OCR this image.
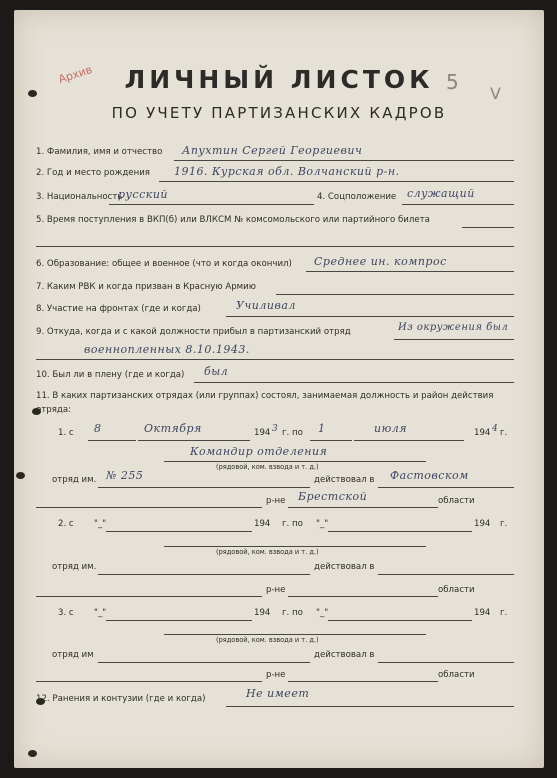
Архив	5 V
ЛИЧНЫЙ ЛИСТОК
ПО УЧЕТУ ПАРТИЗАНСКИХ КАДРОВ
1. Фамилия, имя и отчество Апухтин Сергей Георгиевич
2. Год и место рождения 1916. Курская обл. Волчанский р-н.
3. Национальность
русский	4. Соцположение служащий
5. Время поступления в ВКП(б) или ВЛКСМ № комсомольского или партийного билета
6. Образование: общее и военное (что и когда окончил) Среднее ин. компрос
7. Каким РВК и когда призван в Красную Армию
8. Участие на фронтах (где и когда)	Училивал
9. Откуда, когда и с какой должности прибыл в партизанский отряд	Из окружения был
военнопленных 8.10.1943.
10. Был ли в плену (где и когда) был
11. В каких партизанских отрядах (или группах) состоял, занимаемая должность и район действия
отряда:
1. с 8	Октября	194 3 г. по 1	июля	194 4 г.
Командир отделения
(рядовой, ком. взвода и т. д.)
отряд им. № 255	действовал в Фастовском
р-не Брестской	области
2. с "_"	194 г. по "_"	194 г.
(рядовой, ком. взвода и т. д.)
отряд им.	действовал в
р-не	области
3. с "_"	194 г. по "_"	194 г.
(рядовой, ком. взвода и т. д.)
отряд им	действовал в
р-не	области
12. Ранения и контузии (где и когда)	Не имеет
